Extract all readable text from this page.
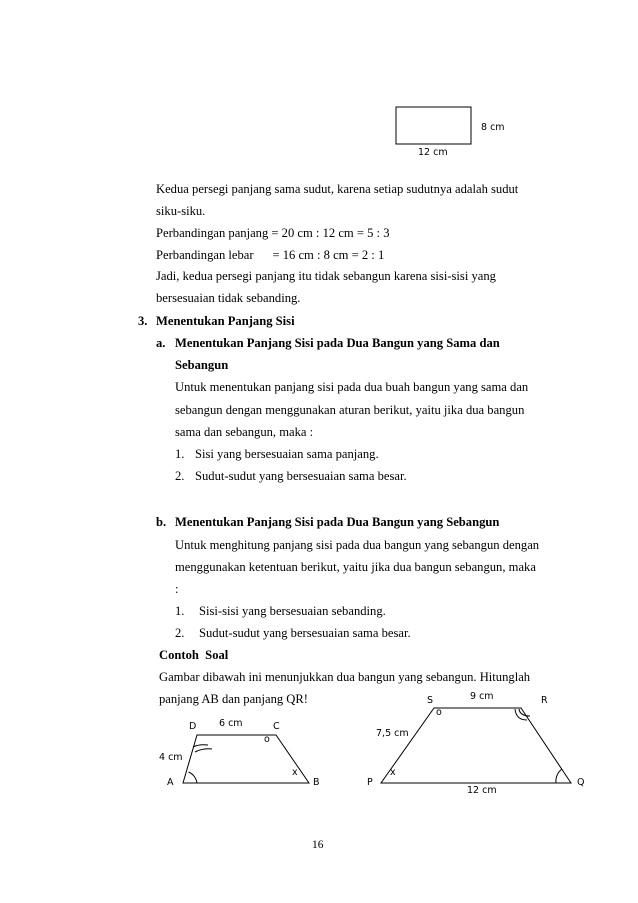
8 cm
12 cm
Kedua persegi panjang sama sudut, karena setiap sudutnya adalah sudut
siku-siku.
Perbandingan panjang = 20 cm : 12 cm = 5 : 3
Perbandingan lebar      = 16 cm : 8 cm = 2 : 1
Jadi, kedua persegi panjang itu tidak sebangun karena sisi-sisi yang
bersesuaian tidak sebanding.
3. Menentukan Panjang Sisi
a. Menentukan Panjang Sisi pada Dua Bangun yang Sama dan
Sebangun
Untuk menentukan panjang sisi pada dua buah bangun yang sama dan
sebangun dengan menggunakan aturan berikut, yaitu jika dua bangun
sama dan sebangun, maka :
1. Sisi yang bersesuaian sama panjang.
2. Sudut-sudut yang bersesuaian sama besar.
b. Menentukan Panjang Sisi pada Dua Bangun yang Sebangun
Untuk menghitung panjang sisi pada dua bangun yang sebangun dengan
menggunakan ketentuan berikut, yaitu jika dua bangun sebangun, maka
:
1. Sisi-sisi yang bersesuaian sebanding.
2. Sudut-sudut yang bersesuaian sama besar.
Contoh  Soal
Gambar dibawah ini menunjukkan dua bangun yang sebangun. Hitunglah
panjang AB dan panjang QR!
D 6 cm	C
o
4 cm
x
A	B
S	9 cm	R
o
7,5 cm
x
P	Q
12 cm
16
